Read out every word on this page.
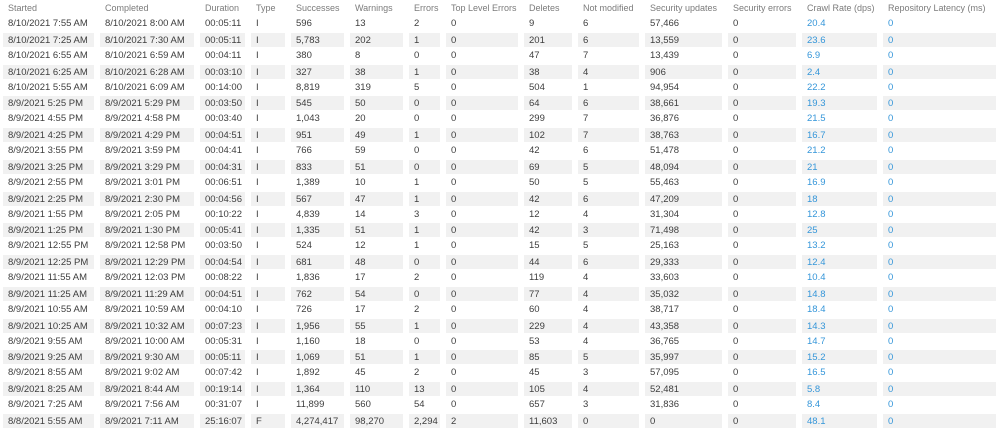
Started	Completed	Duration	Type	Successes	Warnings	Errors	Top Level Errors	Deletes	Not modified	Security updates	Security errors	Crawl Rate (dps)	Repository Latency (ms)
8/10/2021 7:55 AM	8/10/2021 8:00 AM	00:05:11	I	596	13	2	0	9	6	57,466	0	20.4	0
8/10/2021 7:25 AM	8/10/2021 7:30 AM	00:05:11	I	5,783	202	1	0	201	6	13,559	0	23.6	0
8/10/2021 6:55 AM	8/10/2021 6:59 AM	00:04:11	I	380	8	0	0	47	7	13,439	0	6.9	0
8/10/2021 6:25 AM	8/10/2021 6:28 AM	00:03:10	I	327	38	1	0	38	4	906	0	2.4	0
8/10/2021 5:55 AM	8/10/2021 6:09 AM	00:14:00	I	8,819	319	5	0	504	1	94,954	0	22.2	0
8/9/2021 5:25 PM	8/9/2021 5:29 PM	00:03:50	I	545	50	0	0	64	6	38,661	0	19.3	0
8/9/2021 4:55 PM	8/9/2021 4:58 PM	00:03:40	I	1,043	20	0	0	299	7	36,876	0	21.5	0
8/9/2021 4:25 PM	8/9/2021 4:29 PM	00:04:51	I	951	49	1	0	102	7	38,763	0	16.7	0
8/9/2021 3:55 PM	8/9/2021 3:59 PM	00:04:41	I	766	59	0	0	42	6	51,478	0	21.2	0
8/9/2021 3:25 PM	8/9/2021 3:29 PM	00:04:31	I	833	51	0	0	69	5	48,094	0	21	0
8/9/2021 2:55 PM	8/9/2021 3:01 PM	00:06:51	I	1,389	10	1	0	50	5	55,463	0	16.9	0
8/9/2021 2:25 PM	8/9/2021 2:30 PM	00:04:56	I	567	47	1	0	42	6	47,209	0	18	0
8/9/2021 1:55 PM	8/9/2021 2:05 PM	00:10:22	I	4,839	14	3	0	12	4	31,304	0	12.8	0
8/9/2021 1:25 PM	8/9/2021 1:30 PM	00:05:41	I	1,335	51	1	0	42	3	71,498	0	25	0
8/9/2021 12:55 PM	8/9/2021 12:58 PM	00:03:50	I	524	12	1	0	15	5	25,163	0	13.2	0
8/9/2021 12:25 PM	8/9/2021 12:29 PM	00:04:54	I	681	48	0	0	44	6	29,333	0	12.4	0
8/9/2021 11:55 AM	8/9/2021 12:03 PM	00:08:22	I	1,836	17	2	0	119	4	33,603	0	10.4	0
8/9/2021 11:25 AM	8/9/2021 11:29 AM	00:04:51	I	762	54	0	0	77	4	35,032	0	14.8	0
8/9/2021 10:55 AM	8/9/2021 10:59 AM	00:04:10	I	726	17	2	0	60	4	38,717	0	18.4	0
8/9/2021 10:25 AM	8/9/2021 10:32 AM	00:07:23	I	1,956	55	1	0	229	4	43,358	0	14.3	0
8/9/2021 9:55 AM	8/9/2021 10:00 AM	00:05:31	I	1,160	18	0	0	53	4	36,765	0	14.7	0
8/9/2021 9:25 AM	8/9/2021 9:30 AM	00:05:11	I	1,069	51	1	0	85	5	35,997	0	15.2	0
8/9/2021 8:55 AM	8/9/2021 9:02 AM	00:07:42	I	1,892	45	2	0	45	3	57,095	0	16.5	0
8/9/2021 8:25 AM	8/9/2021 8:44 AM	00:19:14	I	1,364	110	13	0	105	4	52,481	0	5.8	0
8/9/2021 7:25 AM	8/9/2021 7:56 AM	00:31:07	I	11,899	560	54	0	657	3	31,836	0	8.4	0
8/8/2021 5:55 AM	8/9/2021 7:11 AM	25:16:07	F	4,274,417	98,270	2,294	2	11,603	0	0	0	48.1	0
